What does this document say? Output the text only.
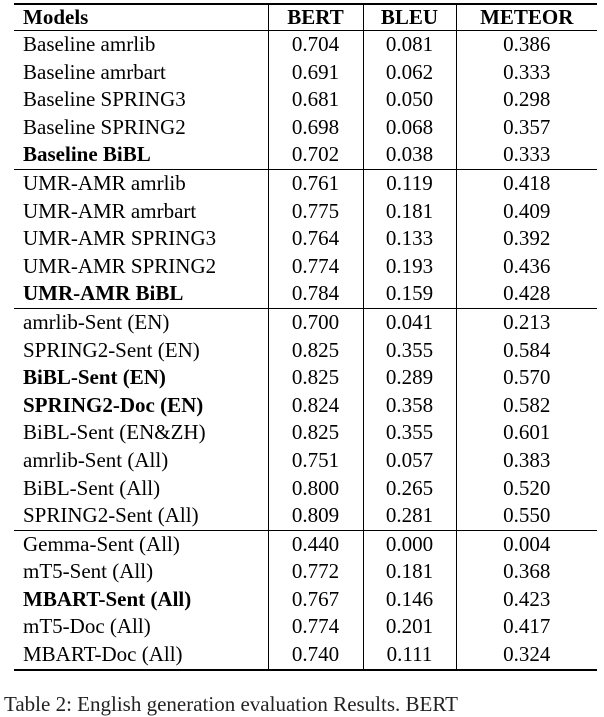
Models	BERT	BLEU	METEOR
Baseline amrlib	0.704	0.081	0.386
Baseline amrbart	0.691	0.062	0.333
Baseline SPRING3	0.681	0.050	0.298
Baseline SPRING2	0.698	0.068	0.357
Baseline BiBL	0.702	0.038	0.333
UMR-AMR amrlib	0.761	0.119	0.418
UMR-AMR amrbart	0.775	0.181	0.409
UMR-AMR SPRING3	0.764	0.133	0.392
UMR-AMR SPRING2	0.774	0.193	0.436
UMR-AMR BiBL	0.784	0.159	0.428
amrlib-Sent (EN)	0.700	0.041	0.213
SPRING2-Sent (EN)	0.825	0.355	0.584
BiBL-Sent (EN)	0.825	0.289	0.570
SPRING2-Doc (EN)	0.824	0.358	0.582
BiBL-Sent (EN&ZH)	0.825	0.355	0.601
amrlib-Sent (All)	0.751	0.057	0.383
BiBL-Sent (All)	0.800	0.265	0.520
SPRING2-Sent (All)	0.809	0.281	0.550
Gemma-Sent (All)	0.440	0.000	0.004
mT5-Sent (All)	0.772	0.181	0.368
MBART-Sent (All)	0.767	0.146	0.423
mT5-Doc (All)	0.774	0.201	0.417
MBART-Doc (All)	0.740	0.111	0.324
Table 2: English generation evaluation Results. BERT
